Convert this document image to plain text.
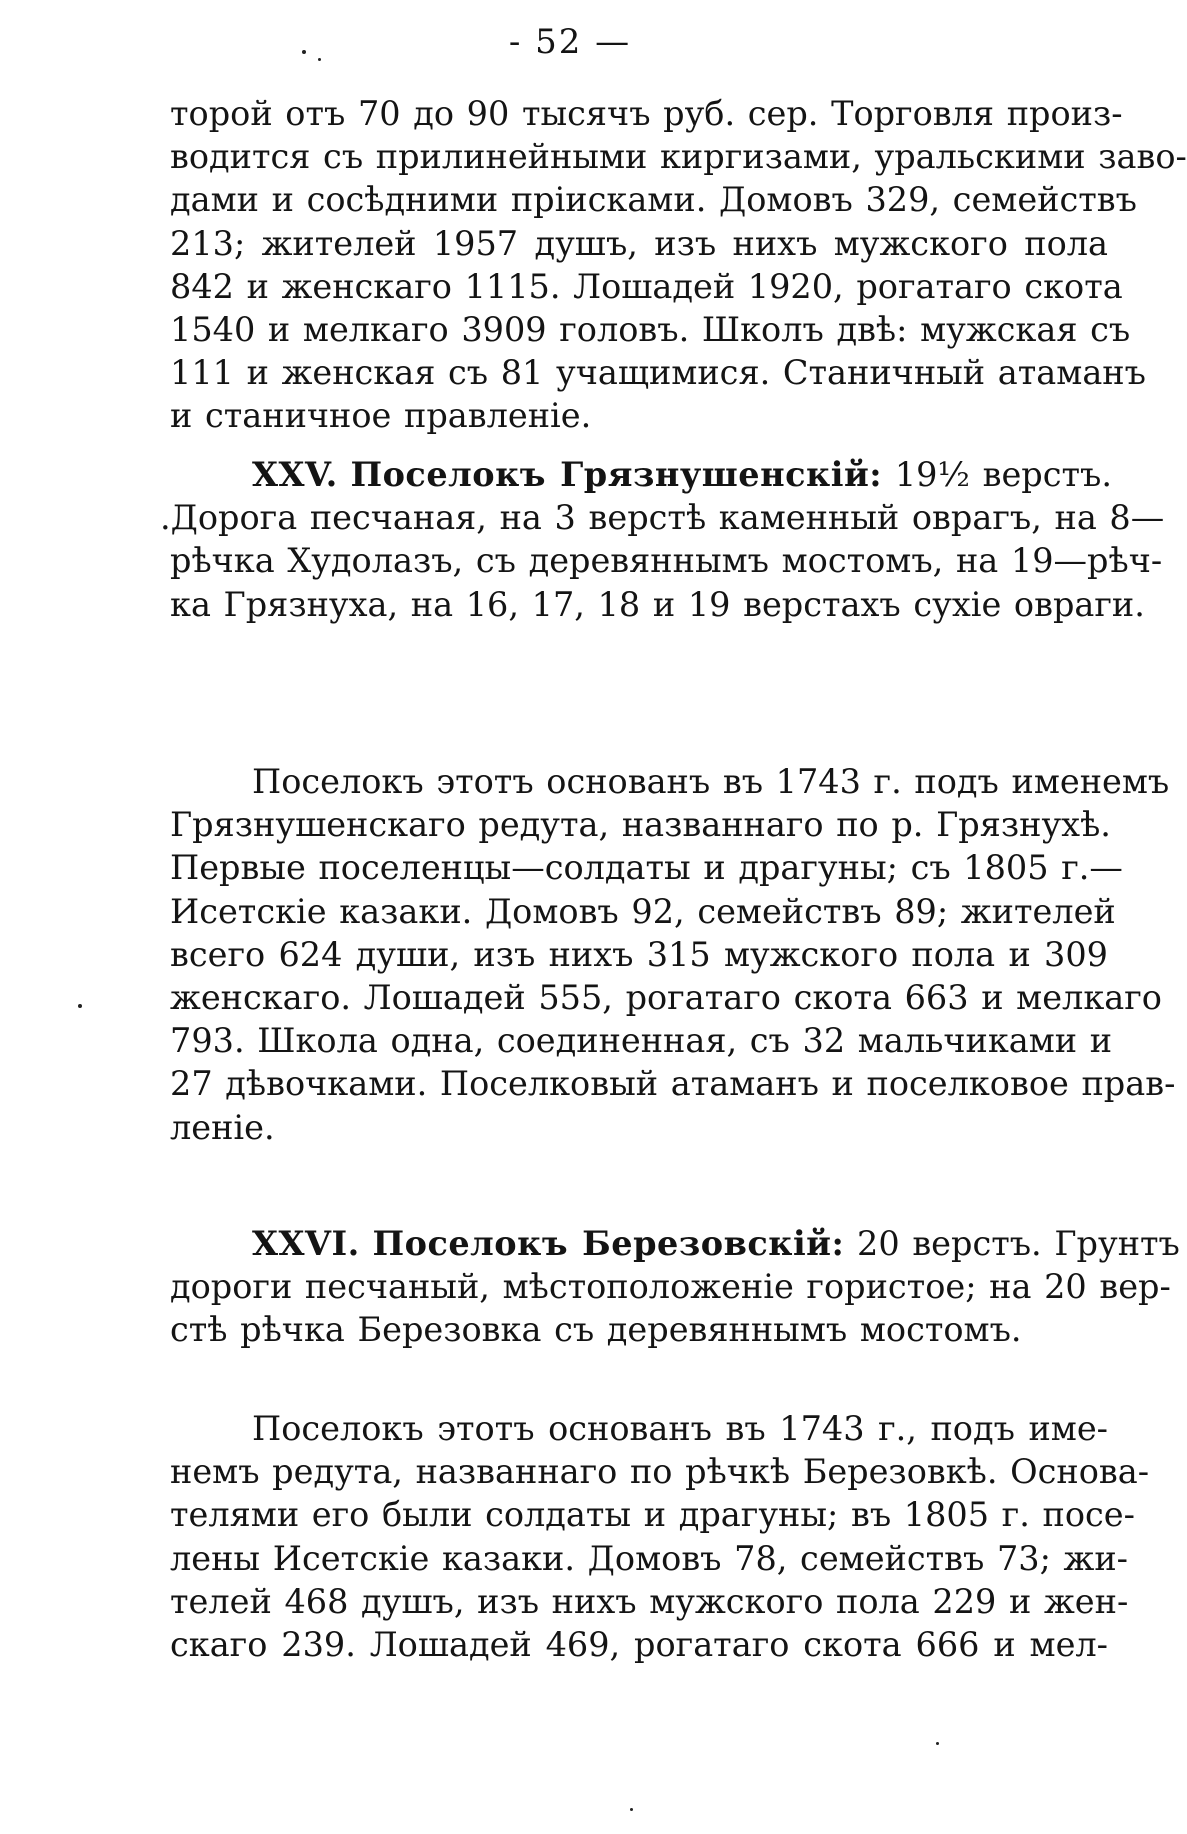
- 52 —
торой отъ 70 до 90 тысячъ руб. сер. Торговля произ-
водится съ прилинейными киргизами, уральскими заво-
дами и сосѣдними пріисками. Домовъ 329, семействъ
213; жителей 1957 душъ, изъ нихъ мужского пола
842 и женскаго 1115. Лошадей 1920, рогатаго скота
1540 и мелкаго 3909 головъ. Школъ двѣ: мужская съ
111 и женская съ 81 учащимися. Станичный атаманъ
и станичное правленіе.
XXV. Поселокъ Грязнушенскій: 19½ верстъ.
.Дорога песчаная, на 3 верстѣ каменный оврагъ, на 8—
рѣчка Худолазъ, съ деревяннымъ мостомъ, на 19—рѣч-
ка Грязнуха, на 16, 17, 18 и 19 верстахъ сухіе овраги.
Поселокъ этотъ основанъ въ 1743 г. подъ именемъ
Грязнушенскаго редута, названнаго по р. Грязнухѣ.
Первые поселенцы—солдаты и драгуны; съ 1805 г.—
Исетскіе казаки. Домовъ 92, семействъ 89; жителей
всего 624 души, изъ нихъ 315 мужского пола и 309
женскаго. Лошадей 555, рогатаго скота 663 и мелкаго
793. Школа одна, соединенная, съ 32 мальчиками и
27 дѣвочками. Поселковый атаманъ и поселковое прав-
леніе.
XXVI. Поселокъ Березовскій: 20 верстъ. Грунтъ
дороги песчаный, мѣстоположеніе гористое; на 20 вер-
стѣ рѣчка Березовка съ деревяннымъ мостомъ.
Поселокъ этотъ основанъ въ 1743 г., подъ име-
немъ редута, названнаго по рѣчкѣ Березовкѣ. Основа-
телями его были солдаты и драгуны; въ 1805 г. посе-
лены Исетскіе казаки. Домовъ 78, семействъ 73; жи-
телей 468 душъ, изъ нихъ мужского пола 229 и жен-
скаго 239. Лошадей 469, рогатаго скота 666 и мел-
